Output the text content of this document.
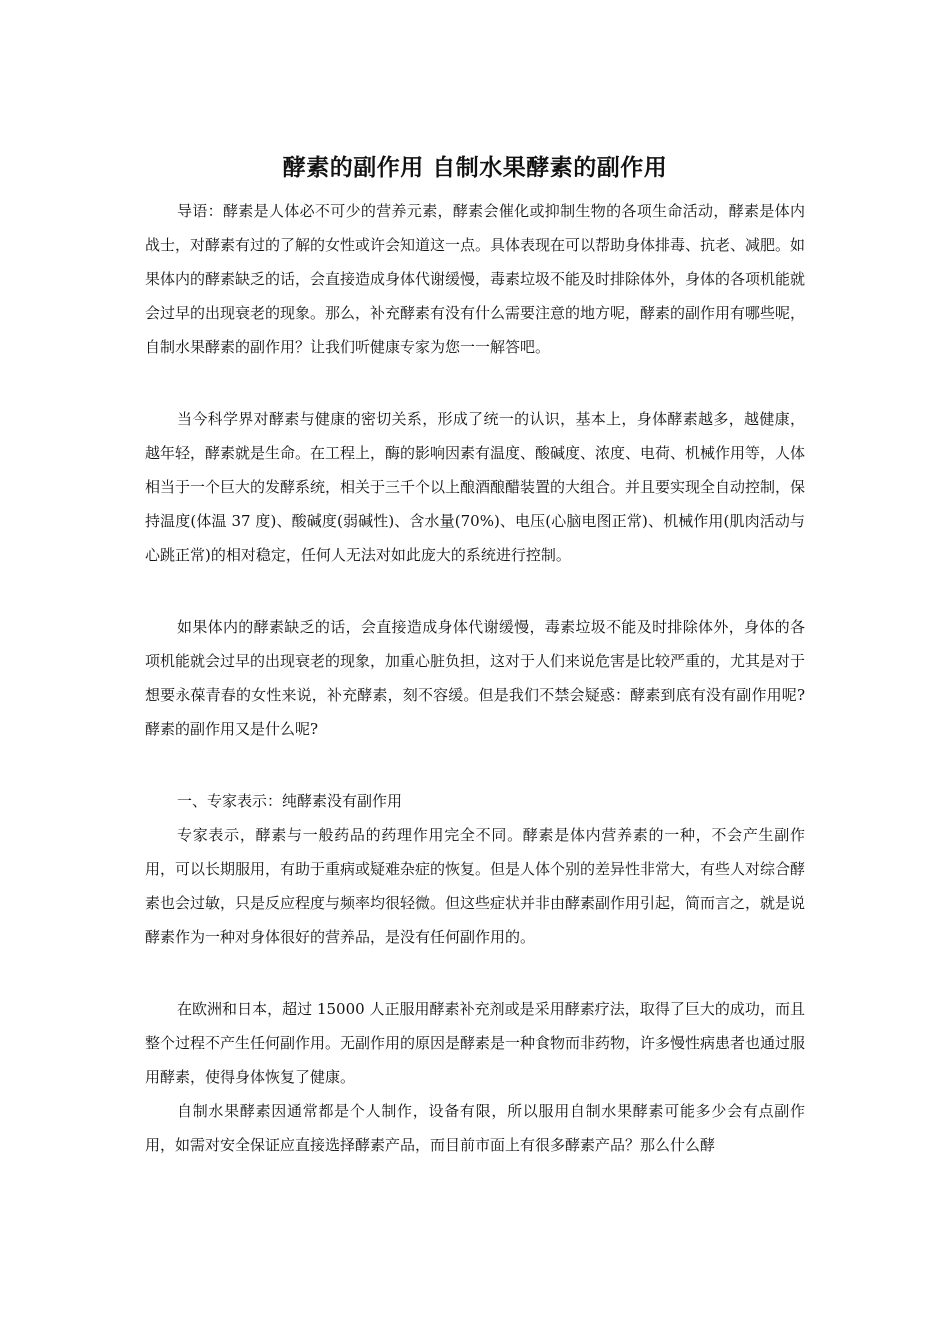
酵素的副作用 自制水果酵素的副作用

导语：酵素是人体必不可少的营养元素，酵素会催化或抑制生物的各项生命活动，酵素是体内战士，对酵素有过的了解的女性或许会知道这一点。具体表现在可以帮助身体排毒、抗老、减肥。如果体内的酵素缺乏的话，会直接造成身体代谢缓慢，毒素垃圾不能及时排除体外，身体的各项机能就会过早的出现衰老的现象。那么，补充酵素有没有什么需要注意的地方呢，酵素的副作用有哪些呢，自制水果酵素的副作用？让我们听健康专家为您一一解答吧。

当今科学界对酵素与健康的密切关系，形成了统一的认识，基本上，身体酵素越多，越健康，越年轻，酵素就是生命。在工程上，酶的影响因素有温度、酸碱度、浓度、电荷、机械作用等，人体相当于一个巨大的发酵系统，相关于三千个以上酿酒酿醋装置的大组合。并且要实现全自动控制，保持温度(体温 37 度)、酸碱度(弱碱性)、含水量(70%)、电压(心脑电图正常)、机械作用(肌肉活动与心跳正常)的相对稳定，任何人无法对如此庞大的系统进行控制。

如果体内的酵素缺乏的话，会直接造成身体代谢缓慢，毒素垃圾不能及时排除体外，身体的各项机能就会过早的出现衰老的现象，加重心脏负担，这对于人们来说危害是比较严重的，尤其是对于想要永葆青春的女性来说，补充酵素，刻不容缓。但是我们不禁会疑惑：酵素到底有没有副作用呢?酵素的副作用又是什么呢?

一、专家表示：纯酵素没有副作用

专家表示，酵素与一般药品的药理作用完全不同。酵素是体内营养素的一种，不会产生副作用，可以长期服用，有助于重病或疑难杂症的恢复。但是人体个别的差异性非常大，有些人对综合酵素也会过敏，只是反应程度与频率均很轻微。但这些症状并非由酵素副作用引起，简而言之，就是说酵素作为一种对身体很好的营养品，是没有任何副作用的。

在欧洲和日本，超过 15000 人正服用酵素补充剂或是采用酵素疗法，取得了巨大的成功，而且整个过程不产生任何副作用。无副作用的原因是酵素是一种食物而非药物，许多慢性病患者也通过服用酵素，使得身体恢复了健康。

自制水果酵素因通常都是个人制作，设备有限，所以服用自制水果酵素可能多少会有点副作用，如需对安全保证应直接选择酵素产品，而目前市面上有很多酵素产品？那么什么酵
